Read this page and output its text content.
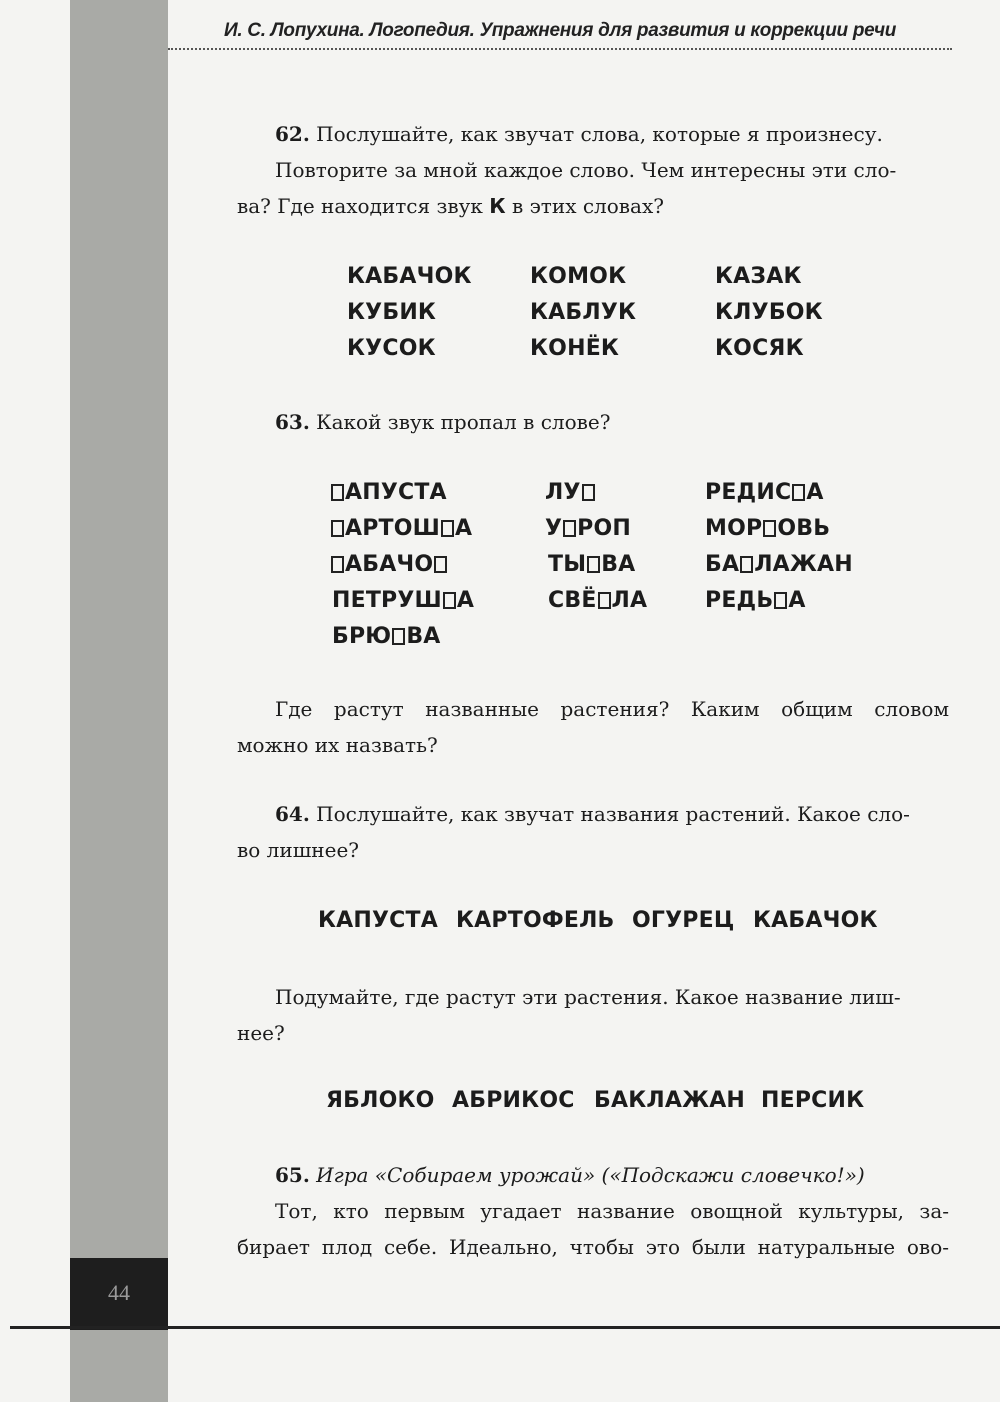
44
И. С. Лопухина. Логопедия. Упражнения для развития и коррекции речи
62. Послушайте, как звучат слова, которые я произнесу.
Повторите за мной каждое слово. Чем интересны эти сло-
ва? Где находится звук К в этих словах?
КАБАЧОК	КОМОК	КАЗАК
КУБИК	КАБЛУК	КЛУБОК
КУСОК	КОНЁК	КОСЯК
63. Какой звук пропал в слове?
АПУСТА	ЛУ	РЕДИС А
АРТОШ А	У РОП	МОР ОВЬ
АБАЧО	ТЫ ВА	БА ЛАЖАН
ПЕТРУШ А	СВЁ ЛА	РЕДЬ А
БРЮ ВА
Где растут названные растения? Каким общим словом
можно их назвать?
64. Послушайте, как звучат названия растений. Какое сло-
во лишнее?
КАПУСТА КАРТОФЕЛЬ ОГУРЕЦ КАБАЧОК
Подумайте, где растут эти растения. Какое название лиш-
нее?
ЯБЛОКО АБРИКОС БАКЛАЖАН ПЕРСИК
65. Игра «Собираем урожай» («Подскажи словечко!»)
Тот, кто первым угадает название овощной культуры, за-
бирает плод себе. Идеально, чтобы это были натуральные ово-
